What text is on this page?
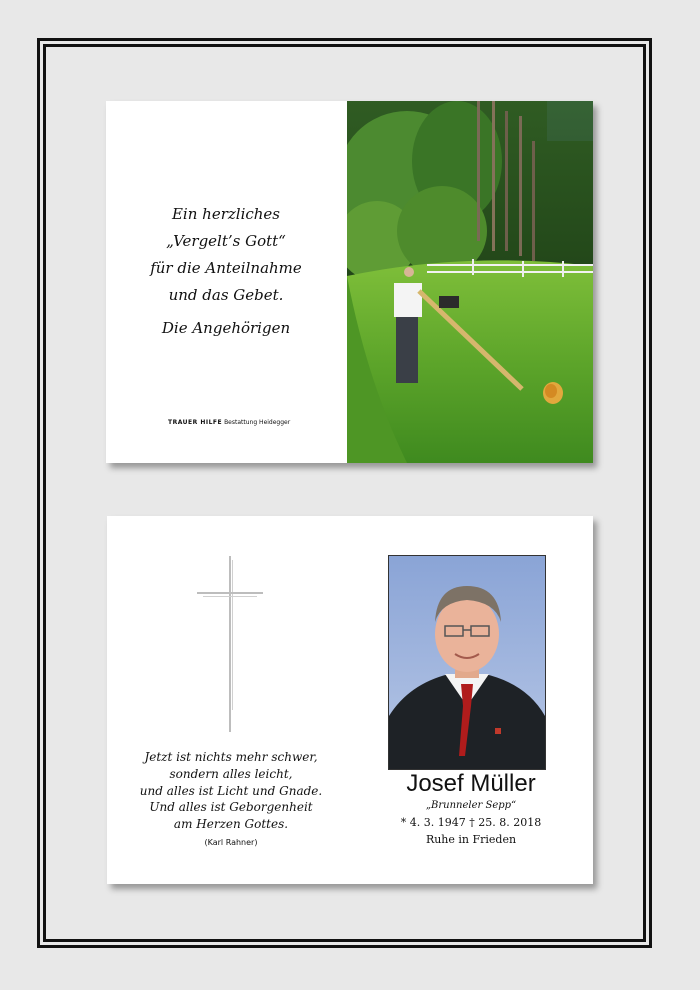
Ein herzliches
„Vergelt’s Gott“
für die Anteilnahme
und das Gebet.
Die Angehörigen
TRAUER HILFE Bestattung Heidegger
Jetzt ist nichts mehr schwer,
sondern alles leicht,
und alles ist Licht und Gnade.
Und alles ist Geborgenheit
am Herzen Gottes.
(Karl Rahner)
Josef Müller
„Brunneler Sepp“
* 4. 3. 1947 † 25. 8. 2018
Ruhe in Frieden
